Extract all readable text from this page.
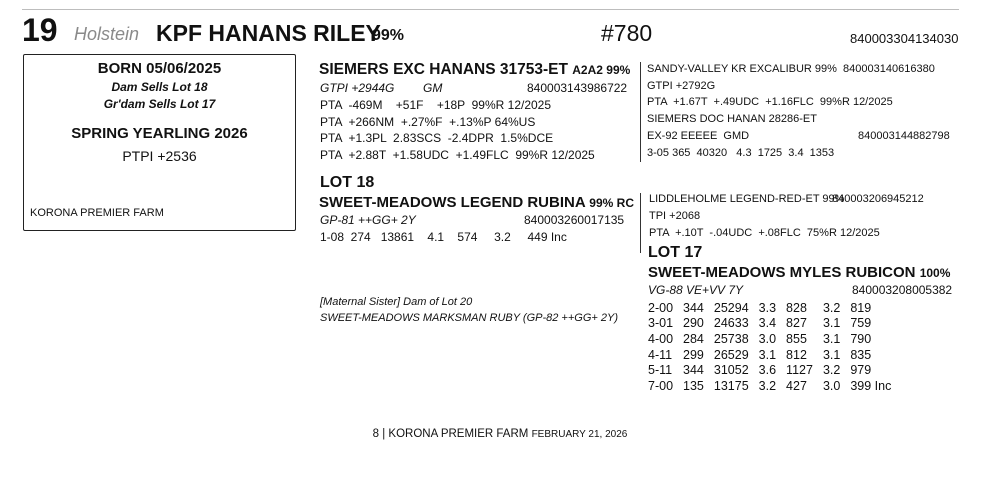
19 Holstein KPF HANANS RILEY
99%	#780	840003304134030
BORN 05/06/2025
Dam Sells Lot 18
Gr'dam Sells Lot 17
SPRING YEARLING 2026
PTPI +2536
KORONA PREMIER FARM
SIEMERS EXC HANANS 31753-ET A2A2 99%
GTPI +2944G GM	840003143986722
PTA  -469M    +51F    +18P  99%R 12/2025
PTA  +266NM  +.27%F  +.13%P 64%US
PTA  +1.3PL  2.83SCS  -2.4DPR  1.5%DCE
PTA  +2.88T  +1.58UDC  +1.49FLC  99%R 12/2025
SANDY-VALLEY KR EXCALIBUR 99%  840003140616380
GTPI +2792G
PTA  +1.67T  +.49UDC  +1.16FLC  99%R 12/2025
SIEMERS DOC HANAN 28286-ET
EX-92 EEEEE  GMD	840003144882798
3-05 365  40320   4.3  1725  3.4  1353
LOT 18
SWEET-MEADOWS LEGEND RUBINA 99% RC
GP-81 ++GG+ 2Y	840003260017135
1-08  274   13861    4.1    574     3.2     449 Inc
LIDDLEHOLME LEGEND-RED-ET 99%
840003206945212
TPI +2068
PTA  +.10T  -.04UDC  +.08FLC  75%R 12/2025
[Maternal Sister] Dam of Lot 20
SWEET-MEADOWS MARKSMAN RUBY (GP-82 ++GG+ 2Y)
LOT 17
SWEET-MEADOWS MYLES RUBICON 100%
VG-88 VE+VV 7Y	840003208005382
2-00	344	25294	3.3	828	3.2	819
3-01	290	24633	3.4	827	3.1	759
4-00	284	25738	3.0	855	3.1	790
4-11	299	26529	3.1	812	3.1	835
5-11	344	31052	3.6	1127	3.2	979
7-00	135	13175	3.2	427	3.0	399 Inc
8 | KORONA PREMIER FARM FEBRUARY 21, 2026
